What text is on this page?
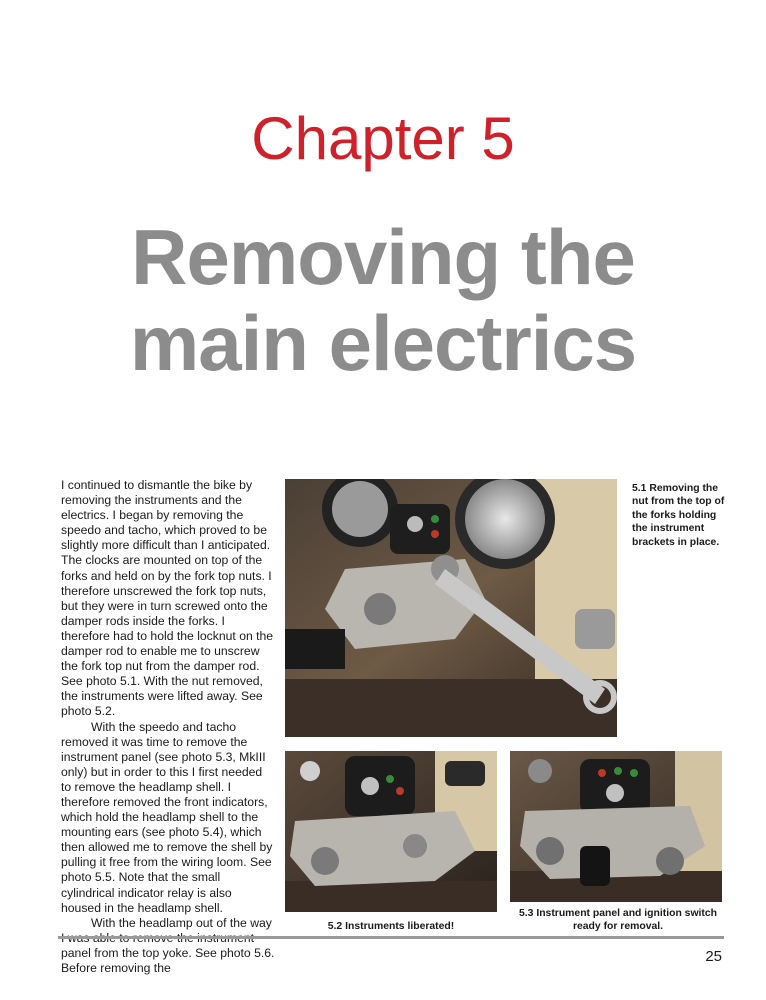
Chapter 5
Removing the
main electrics

I continued to dismantle the bike by removing the instruments and the electrics. I began by removing the speedo and tacho, which proved to be slightly more difficult than I anticipated. The clocks are mounted on top of the forks and held on by the fork top nuts. I therefore unscrewed the fork top nuts, but they were in turn screwed onto the damper rods inside the forks. I therefore had to hold the locknut on the damper rod to enable me to unscrew the fork top nut from the damper rod. See photo 5.1. With the nut removed, the instruments were lifted away. See photo 5.2.

With the speedo and tacho removed it was time to remove the instrument panel (see photo 5.3, MkIII only) but in order to this I first needed to remove the headlamp shell. I therefore removed the front indicators, which hold the headlamp shell to the mounting ears (see photo 5.4), which then allowed me to remove the shell by pulling it free from the wiring loom. See photo 5.5. Note that the small cylindrical indicator relay is also housed in the headlamp shell.

With the headlamp out of the way panel from the top yoke. See photo 5.6. Before removing the

5.1 Removing the nut from the top of the forks holding the instrument brackets in place.
5.2 Instruments liberated!
5.3 Instrument panel and ignition switch ready for removal.
25
